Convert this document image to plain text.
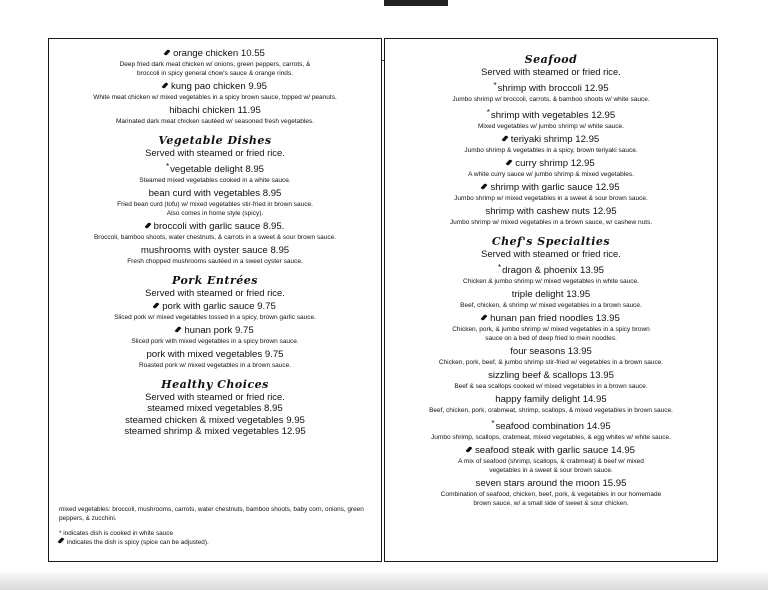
orange chicken 10.55
Deep fried dark meat chicken w/ onions, green peppers, carrots, &
broccoli in spicy general chow's sauce & orange rinds.
kung pao chicken 9.95
White meat chicken w/ mixed vegetables in a spicy brown sauce, topped w/ peanuts.
hibachi chicken 11.95
Marinated dark meat chicken sautéed w/ seasoned fresh vegetables.
Vegetable Dishes
Served with steamed or fried rice.
*vegetable delight 8.95
Steamed mixed vegetables cooked in a white sauce.
bean curd with vegetables 8.95
Fried bean curd (tofu) w/ mixed vegetables stir-fried in brown sauce.
Also comes in home style (spicy).
broccoli with garlic sauce 8.95.
Broccoli, bamboo shoots, water chestnuts, & carrots in a sweet & sour brown sauce.
mushrooms with oyster sauce 8.95
Fresh chopped mushrooms sautéed in a sweet oyster sauce.
Pork Entrées
Served with steamed or fried rice.
pork with garlic sauce 9.75
Sliced pork w/ mixed vegetables tossed in a spicy, brown garlic sauce.
hunan pork 9.75
Sliced pork with mixed vegetables in a spicy brown sauce.
pork with mixed vegetables 9.75
Roasted pork w/ mixed vegetables in a brown sauce.
Healthy Choices
Served with steamed or fried rice.
steamed mixed vegetables 8.95
steamed chicken & mixed vegetables 9.95
steamed shrimp & mixed vegetables 12.95
mixed vegetables: broccoli, mushrooms, carrots, water chestnuts, bamboo shoots, baby corn, onions, green peppers, & zucchini.
* indicates dish is cooked in white sauce
indicates the dish is spicy (spice can be adjusted).
Seafood
Served with steamed or fried rice.
*shrimp with broccoli 12.95
Jumbo shrimp w/ broccoli, carrots, & bamboo shoots w/ white sauce.
*shrimp with vegetables 12.95
Mixed vegetables w/ jumbo shrimp w/ white sauce.
teriyaki shrimp 12.95
Jumbo shrimp & vegetables in a spicy, brown teriyaki sauce.
curry shrimp 12.95
A white curry sauce w/ jumbo shrimp & mixed vegetables.
shrimp with garlic sauce 12.95
Jumbo shrimp w/ mixed vegetables in a sweet & sour brown sauce.
shrimp with cashew nuts 12.95
Jumbo shrimp w/ mixed vegetables in a brown sauce, w/ cashew nuts.
Chef's Specialties
Served with steamed or fried rice.
*dragon & phoenix 13.95
Chicken & jumbo shrimp w/ mixed vegetables in white sauce.
triple delight 13.95
Beef, chicken, & shrimp w/ mixed vegetables in a brown sauce.
hunan pan fried noodles 13.95
Chicken, pork, & jumbo shrimp w/ mixed vegetables in a spicy brown
sauce on a bed of deep fried lo mein noodles.
four seasons 13.95
Chicken, pork, beef, & jumbo shrimp stir-fried w/ vegetables in a brown sauce.
sizzling beef & scallops 13.95
Beef & sea scallops cooked w/ mixed vegetables in a brown sauce.
happy family delight 14.95
Beef, chicken, pork, crabmeat, shrimp, scallops, & mixed vegetables in brown sauce.
*seafood combination 14.95
Jumbo shrimp, scallops, crabmeat, mixed vegetables, & egg whites w/ white sauce.
seafood steak with garlic sauce 14.95
A mix of seafood (shrimp, scallops, & crabmeat) & beef w/ mixed
vegetables in a sweet & sour brown sauce.
seven stars around the moon 15.95
Combination of seafood, chicken, beef, pork, & vegetables in our homemade
brown sauce, w/ a small side of sweet & sour chicken.
